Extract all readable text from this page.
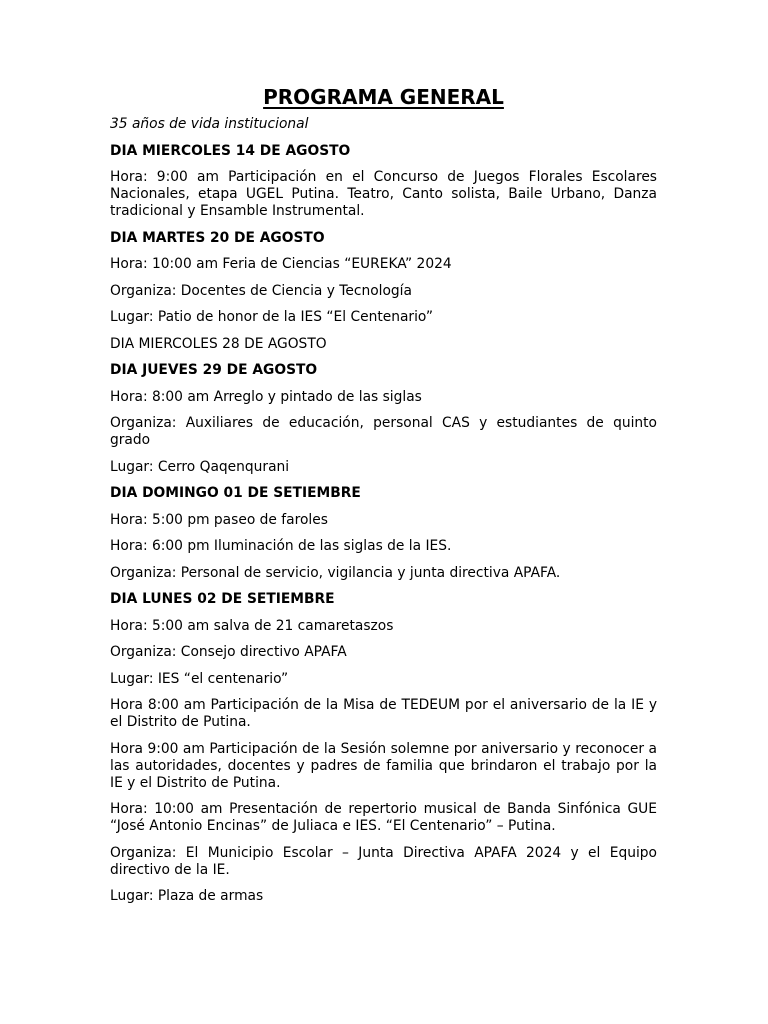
PROGRAMA GENERAL

35 años de vida institucional

DIA MIERCOLES 14 DE AGOSTO

Hora: 9:00 am Participación en el Concurso de Juegos Florales Escolares Nacionales, etapa UGEL Putina. Teatro, Canto solista, Baile Urbano, Danza tradicional y Ensamble Instrumental.

DIA MARTES 20 DE AGOSTO

Hora: 10:00 am Feria de Ciencias “EUREKA” 2024

Organiza: Docentes de Ciencia y Tecnología

Lugar: Patio de honor de la IES “El Centenario”

DIA MIERCOLES 28 DE AGOSTO

DIA JUEVES 29 DE AGOSTO

Hora: 8:00 am Arreglo y pintado de las siglas

Organiza: Auxiliares de educación, personal CAS y estudiantes de quinto grado

Lugar: Cerro Qaqenqurani

DIA DOMINGO 01 DE SETIEMBRE

Hora: 5:00 pm paseo de faroles

Hora: 6:00 pm Iluminación de las siglas de la IES.

Organiza: Personal de servicio, vigilancia y junta directiva APAFA.

DIA LUNES 02 DE SETIEMBRE

Hora: 5:00 am salva de 21 camaretaszos

Organiza: Consejo directivo APAFA

Lugar: IES “el centenario”

Hora 8:00 am Participación de la Misa de TEDEUM por el aniversario de la IE y el Distrito de Putina.

Hora 9:00 am Participación de la Sesión solemne por aniversario y reconocer a las autoridades, docentes y padres de familia que brindaron el trabajo por la IE y el Distrito de Putina.

Hora: 10:00 am Presentación de repertorio musical de Banda Sinfónica GUE “José Antonio Encinas” de Juliaca e IES. “El Centenario” – Putina.

Organiza: El Municipio Escolar – Junta Directiva APAFA 2024 y el Equipo directivo de la IE.

Lugar: Plaza de armas
